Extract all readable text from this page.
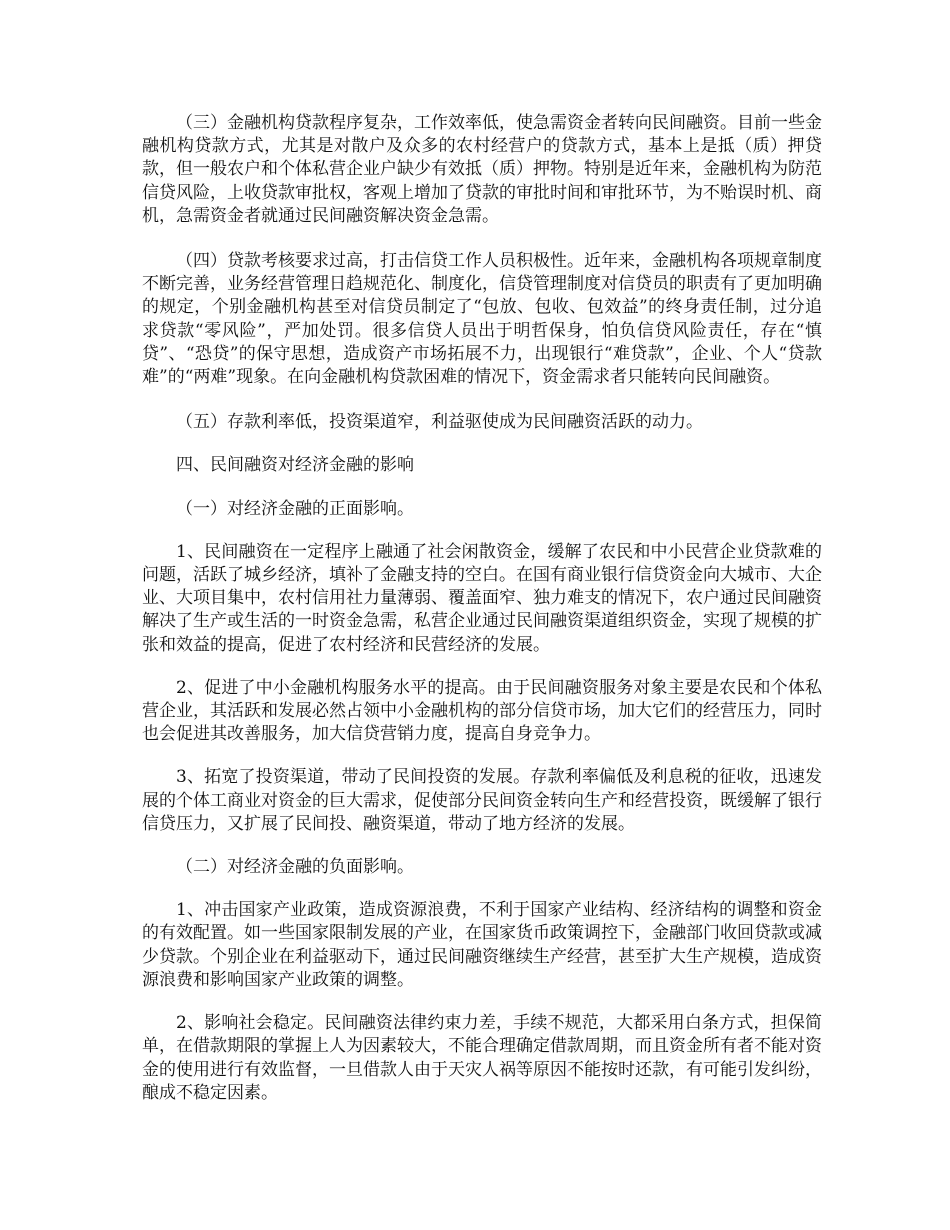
（三）金融机构贷款程序复杂，工作效率低，使急需资金者转向民间融资。目前一些金融机构贷款方式，尤其是对散户及众多的农村经营户的贷款方式，基本上是抵（质）押贷款，但一般农户和个体私营企业户缺少有效抵（质）押物。特别是近年来，金融机构为防范信贷风险，上收贷款审批权，客观上增加了贷款的审批时间和审批环节，为不贻误时机、商机，急需资金者就通过民间融资解决资金急需。

（四）贷款考核要求过高，打击信贷工作人员积极性。近年来，金融机构各项规章制度不断完善，业务经营管理日趋规范化、制度化，信贷管理制度对信贷员的职责有了更加明确的规定，个别金融机构甚至对信贷员制定了“包放、包收、包效益”的终身责任制，过分追求贷款“零风险”，严加处罚。很多信贷人员出于明哲保身，怕负信贷风险责任，存在“慎贷”、“恐贷”的保守思想，造成资产市场拓展不力，出现银行“难贷款”，企业、个人“贷款难”的“两难”现象。在向金融机构贷款困难的情况下，资金需求者只能转向民间融资。

（五）存款利率低，投资渠道窄，利益驱使成为民间融资活跃的动力。

四、民间融资对经济金融的影响

（一）对经济金融的正面影响。

1、民间融资在一定程序上融通了社会闲散资金，缓解了农民和中小民营企业贷款难的问题，活跃了城乡经济，填补了金融支持的空白。在国有商业银行信贷资金向大城市、大企业、大项目集中，农村信用社力量薄弱、覆盖面窄、独力难支的情况下，农户通过民间融资解决了生产或生活的一时资金急需，私营企业通过民间融资渠道组织资金，实现了规模的扩张和效益的提高，促进了农村经济和民营经济的发展。

2、促进了中小金融机构服务水平的提高。由于民间融资服务对象主要是农民和个体私营企业，其活跃和发展必然占领中小金融机构的部分信贷市场，加大它们的经营压力，同时也会促进其改善服务，加大信贷营销力度，提高自身竞争力。

3、拓宽了投资渠道，带动了民间投资的发展。存款利率偏低及利息税的征收，迅速发展的个体工商业对资金的巨大需求，促使部分民间资金转向生产和经营投资，既缓解了银行信贷压力，又扩展了民间投、融资渠道，带动了地方经济的发展。

（二）对经济金融的负面影响。

1、冲击国家产业政策，造成资源浪费，不利于国家产业结构、经济结构的调整和资金的有效配置。如一些国家限制发展的产业，在国家货币政策调控下，金融部门收回贷款或减少贷款。个别企业在利益驱动下，通过民间融资继续生产经营，甚至扩大生产规模，造成资源浪费和影响国家产业政策的调整。

2、影响社会稳定。民间融资法律约束力差，手续不规范，大都采用白条方式，担保简单，在借款期限的掌握上人为因素较大，不能合理确定借款周期，而且资金所有者不能对资金的使用进行有效监督，一旦借款人由于天灾人祸等原因不能按时还款，有可能引发纠纷，酿成不稳定因素。
